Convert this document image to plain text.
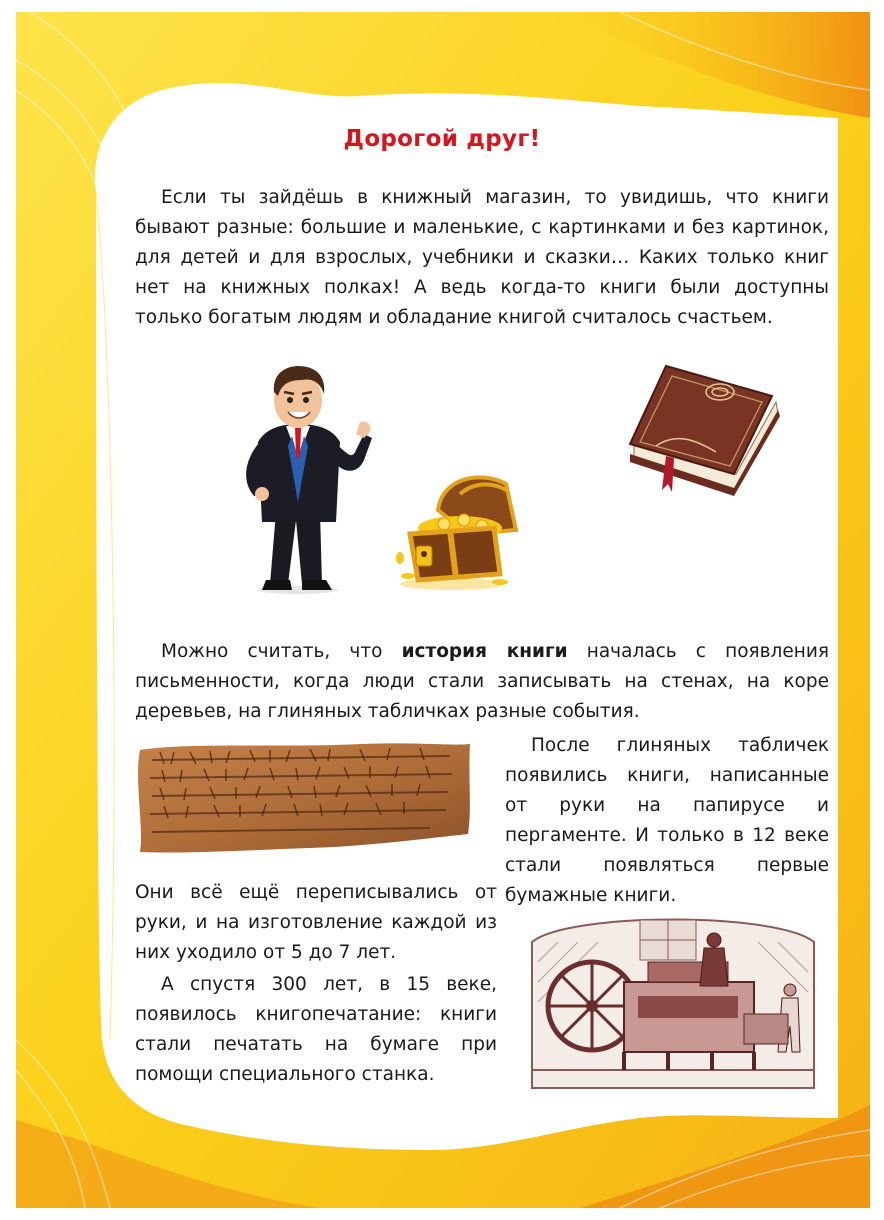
Дорогой друг!

Если ты зайдёшь в книжный магазин, то увидишь, что книги бывают разные: большие и маленькие, с картинками и без картинок, для детей и для взрослых, учебники и сказки… Каких только книг нет на книжных полках! А ведь когда-то книги были доступны только богатым людям и обладание книгой считалось счастьем.

Можно считать, что история книги началась с появления письменности, когда люди стали записывать на стенах, на коре деревьев, на глиняных табличках разные события.

После глиняных табличек появились книги, написанные от руки на папирусе и пергаменте. И только в 12 веке стали появляться первые бумажные книги.

Они всё ещё переписывались от руки, и на изготовление каждой из них уходило от 5 до 7 лет.

А спустя 300 лет, в 15 веке, появилось книгопечатание: книги стали печатать на бумаге при помощи специального станка.
